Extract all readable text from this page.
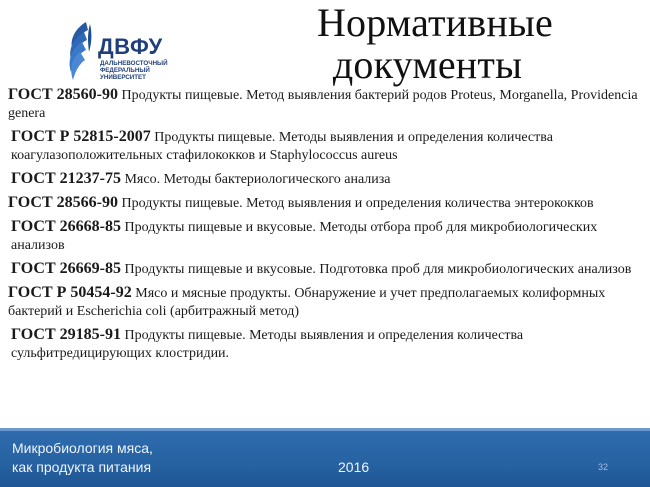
ДВФУ
ДАЛЬНЕВОСТОЧНЫЙ
ФЕДЕРАЛЬНЫЙ
УНИВЕРСИТЕТ
Нормативные
документы

ГОСТ 28560-90 Продукты пищевые. Метод выявления бактерий родов Proteus, Morganella, Providencia genera

ГОСТ Р 52815-2007 Продукты пищевые. Методы выявления и определения количества коагулазоположительных стафилококков и Staphylococcus aureus

ГОСТ 21237-75 Мясо. Методы бактериологического анализа

ГОСТ 28566-90 Продукты пищевые. Метод выявления и определения количества энтерококков

ГОСТ 26668-85 Продукты пищевые и вкусовые. Методы отбора проб для микробиологических анализов

ГОСТ 26669-85 Продукты пищевые и вкусовые. Подготовка проб для микробиологических анализов

ГОСТ Р 50454-92 Мясо и мясные продукты. Обнаружение и учет предполагаемых колиформных бактерий и Escherichia coli (арбитражный метод)

ГОСТ 29185-91 Продукты пищевые. Методы выявления и определения количества сульфитредицирующих клостридии.

Микробиология мяса,
как продукта питания	2016	32
